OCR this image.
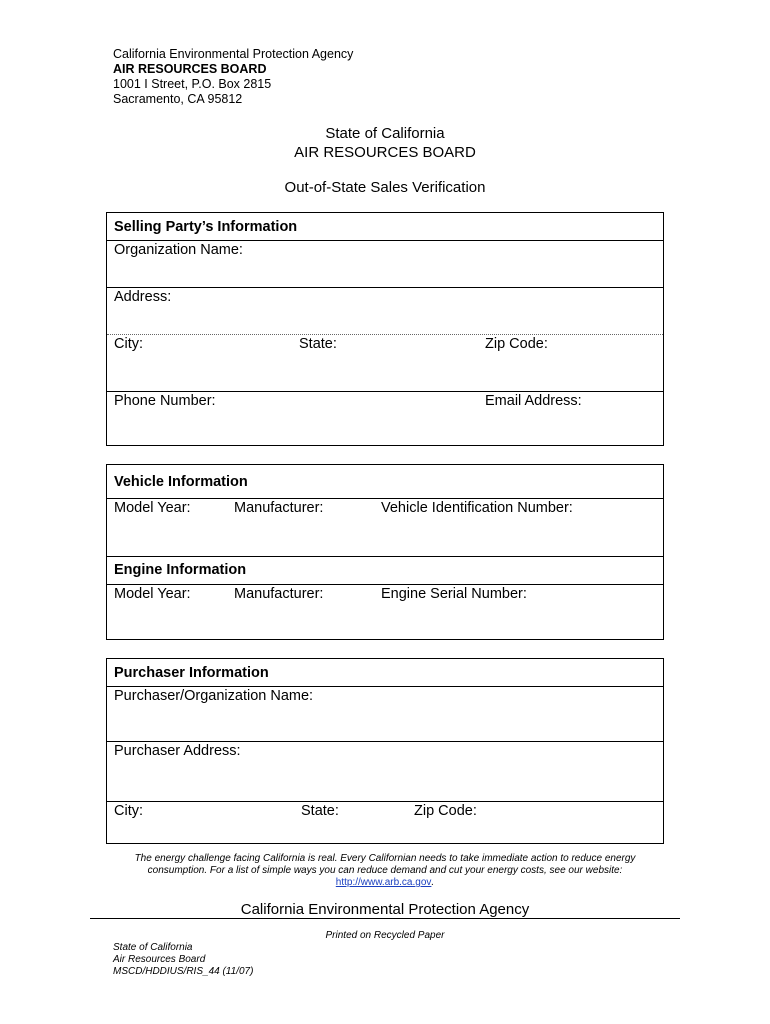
California Environmental Protection Agency
AIR RESOURCES BOARD
1001 I Street, P.O. Box 2815
Sacramento, CA 95812
State of California
AIR RESOURCES BOARD
Out-of-State Sales Verification
Selling Party’s Information
Organization Name:
Address:
City:	State:	Zip Code:
Phone Number:	Email Address:
Vehicle Information
Model Year:	Manufacturer:	Vehicle Identification Number:
Engine Information
Model Year:	Manufacturer:	Engine Serial Number:
Purchaser Information
Purchaser/Organization Name:
Purchaser Address:
City:	State:	Zip Code:
The energy challenge facing California is real. Every Californian needs to take immediate action to reduce energy
consumption. For a list of simple ways you can reduce demand and cut your energy costs, see our website:
http://www.arb.ca.gov.
California Environmental Protection Agency
Printed on Recycled Paper
State of California
Air Resources Board
MSCD/HDDIUS/RIS_44 (11/07)
